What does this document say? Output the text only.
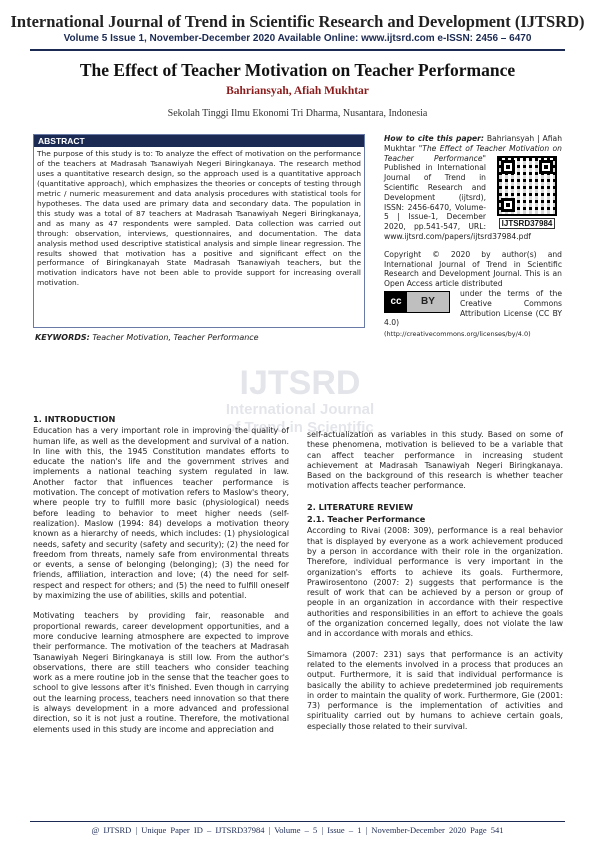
International Journal of Trend in Scientific Research and Development (IJTSRD)
Volume 5 Issue 1, November-December 2020 Available Online: www.ijtsrd.com e-ISSN: 2456 – 6470
The Effect of Teacher Motivation on Teacher Performance
Bahriansyah, Afiah Mukhtar
Sekolah Tinggi Ilmu Ekonomi Tri Dharma, Nusantara, Indonesia
ABSTRACT
The purpose of this study is to: To analyze the effect of motivation on the performance of the teachers at Madrasah Tsanawiyah Negeri Biringkanaya. The research method uses a quantitative research design, so the approach used is a quantitative approach (quantitative approach), which emphasizes the theories or concepts of testing through metric / numeric measurement and data analysis procedures with statistical tools for hypotheses. The data used are primary data and secondary data. The population in this study was a total of 87 teachers at Madrasah Tsanawiyah Negeri Biringkanaya, and as many as 47 respondents were sampled. Data collection was carried out through: observation, interviews, questionnaires, and documentation. The data analysis method used descriptive statistical analysis and simple linear regression. The results showed that motivation has a positive and significant effect on the performance of Biringkanayah State Madrasah Tsanawiyah teachers, but the motivation indicators have not been able to provide support for increasing overall motivation.
KEYWORDS: Teacher Motivation, Teacher Performance
How to cite this paper: Bahriansyah | Afiah Mukhtar "The Effect of Teacher Motivation on Teacher Performance"
IJTSRD37984
Published in International Journal of Trend in Scientific Research and Development (ijtsrd), ISSN: 2456-6470, Volume-5 | Issue-1, December 2020, pp.541-547, URL: www.ijtsrd.com/papers/ijtsrd37984.pdf
Copyright © 2020 by author(s) and International Journal of Trend in Scientific Research and Development Journal. This is an Open Access article distributed
cc	BY
under the terms of the Creative Commons Attribution License (CC BY 4.0)
(http://creativecommons.org/licenses/by/4.0)
IJTSRD
International Journal
of Trend in Scientific
1. INTRODUCTION
Education has a very important role in improving the quality of human life, as well as the development and survival of a nation. In line with this, the 1945 Constitution mandates efforts to educate the nation's life and the government strives and implements a national teaching system regulated in law. Another factor that influences teacher performance is motivation. The concept of motivation refers to Maslow's theory, where people try to fulfill more basic (physiological) needs before leading to behavior to meet higher needs (self-realization). Maslow (1994: 84) develops a motivation theory known as a hierarchy of needs, which includes: (1) physiological needs, safety and security (safety and security); (2) the need for freedom from threats, namely safe from environmental threats or events, a sense of belonging (belonging); (3) the need for friends, affiliation, interaction and love; (4) the need for self-respect and respect for others; and (5) the need to fulfill oneself by maximizing the use of abilities, skills and potential.
Motivating teachers by providing fair, reasonable and proportional rewards, career development opportunities, and a more conducive learning atmosphere are expected to improve their performance. The motivation of the teachers at Madrasah Tsanawiyah Negeri Biringkanaya is still low. From the author's observations, there are still teachers who consider teaching work as a mere routine job in the sense that the teacher goes to school to give lessons after it's finished. Even though in carrying out the learning process, teachers need innovation so that there is always development in a more advanced and professional direction, so it is not just a routine. Therefore, the motivational elements used in this study are income and appreciation and
self-actualization as variables in this study. Based on some of these phenomena, motivation is believed to be a variable that can affect teacher performance in increasing student achievement at Madrasah Tsanawiyah Negeri Biringkanaya. Based on the background of this research is whether teacher motivation affects teacher performance.
2. LITERATURE REVIEW
2.1. Teacher Performance
According to Rivai (2008: 309), performance is a real behavior that is displayed by everyone as a work achievement produced by a person in accordance with their role in the organization. Therefore, individual performance is very important in the organization's efforts to achieve its goals. Furthermore, Prawirosentono (2007: 2) suggests that performance is the result of work that can be achieved by a person or group of people in an organization in accordance with their respective authorities and responsibilities in an effort to achieve the goals of the organization concerned legally, does not violate the law and in accordance with morals and ethics.
Simamora (2007: 231) says that performance is an activity related to the elements involved in a process that produces an output. Furthermore, it is said that individual performance is basically the ability to achieve predetermined job requirements in order to maintain the quality of work. Furthermore, Gie (2001: 73) performance is the implementation of activities and spirituality carried out by humans to achieve certain goals, especially those related to their survival.
@ IJTSRD | Unique Paper ID – IJTSRD37984 | Volume – 5 | Issue – 1 | November-December 2020 Page 541
